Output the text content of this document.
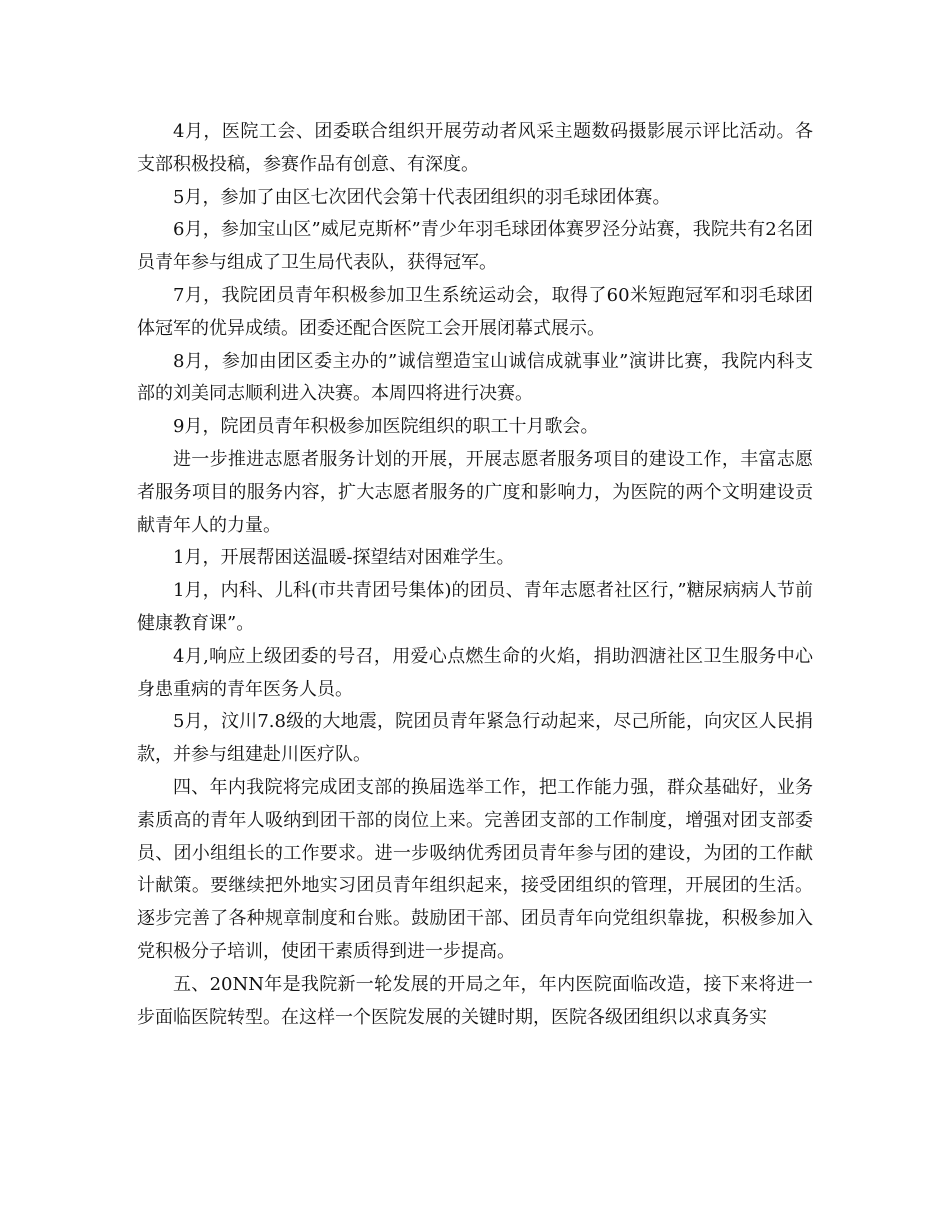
4月，医院工会、团委联合组织开展劳动者风采主题数码摄影展示评比活动。各支部积极投稿，参赛作品有创意、有深度。

5月，参加了由区七次团代会第十代表团组织的羽毛球团体赛。

6月，参加宝山区”威尼克斯杯”青少年羽毛球团体赛罗泾分站赛，我院共有2名团员青年参与组成了卫生局代表队，获得冠军。

7月，我院团员青年积极参加卫生系统运动会，取得了60米短跑冠军和羽毛球团体冠军的优异成绩。团委还配合医院工会开展闭幕式展示。

8月，参加由团区委主办的”诚信塑造宝山诚信成就事业”演讲比赛，我院内科支部的刘美同志顺利进入决赛。本周四将进行决赛。

9月，院团员青年积极参加医院组织的职工十月歌会。

进一步推进志愿者服务计划的开展，开展志愿者服务项目的建设工作，丰富志愿者服务项目的服务内容，扩大志愿者服务的广度和影响力，为医院的两个文明建设贡献青年人的力量。

1月，开展帮困送温暖-探望结对困难学生。

1月，内科、儿科(市共青团号集体)的团员、青年志愿者社区行，”糖尿病病人节前健康教育课”。

4月,响应上级团委的号召，用爱心点燃生命的火焰，捐助泗溏社区卫生服务中心身患重病的青年医务人员。

5月，汶川7.8级的大地震，院团员青年紧急行动起来，尽己所能，向灾区人民捐款，并参与组建赴川医疗队。

四、年内我院将完成团支部的换届选举工作，把工作能力强，群众基础好，业务素质高的青年人吸纳到团干部的岗位上来。完善团支部的工作制度，增强对团支部委员、团小组组长的工作要求。进一步吸纳优秀团员青年参与团的建设，为团的工作献计献策。要继续把外地实习团员青年组织起来，接受团组织的管理，开展团的生活。逐步完善了各种规章制度和台账。鼓励团干部、团员青年向党组织靠拢，积极参加入党积极分子培训，使团干素质得到进一步提高。

五、20NN年是我院新一轮发展的开局之年，年内医院面临改造，接下来将进一步面临医院转型。在这样一个医院发展的关键时期，医院各级团组织以求真务实
